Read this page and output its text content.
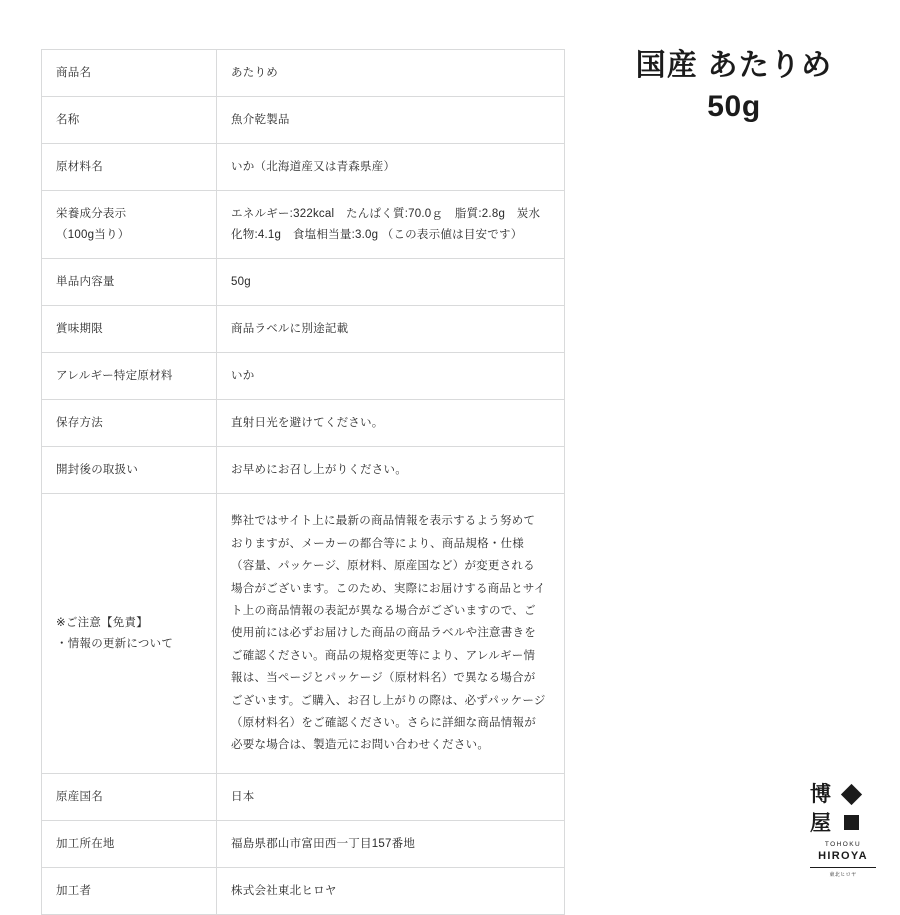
商品名	あたりめ

名称	魚介乾製品

原材料名	いか（北海道産又は青森県産）

栄養成分表示
（100g当り）	エネルギー:322kcal　たんぱく質:70.0ｇ　脂質:2.8g　炭水化物:4.1g　食塩相当量:3.0g （この表示値は目安です）

単品内容量	50g

賞味期限	商品ラベルに別途記載

アレルギー特定原材料	いか

保存方法	直射日光を避けてください。

開封後の取扱い	お早めにお召し上がりください。

※ご注意【免責】
・情報の更新について	弊社ではサイト上に最新の商品情報を表示するよう努めておりますが、メーカーの都合等により、商品規格・仕様（容量、パッケージ、原材料、原産国など）が変更される場合がございます。このため、実際にお届けする商品とサイト上の商品情報の表記が異なる場合がございますので、ご使用前には必ずお届けした商品の商品ラベルや注意書きをご確認ください。商品の規格変更等により、アレルギー情報は、当ページとパッケージ（原材料名）で異なる場合がございます。ご購入、お召し上がりの際は、必ずパッケージ（原材料名）をご確認ください。さらに詳細な商品情報が必要な場合は、製造元にお問い合わせください。

原産国名	日本

加工所在地	福島県郡山市富田西一丁目157番地

加工者	株式会社東北ヒロヤ
国産 あたりめ
50g
博
屋
TOHOKU
HIROYA
東北ヒロヤ
